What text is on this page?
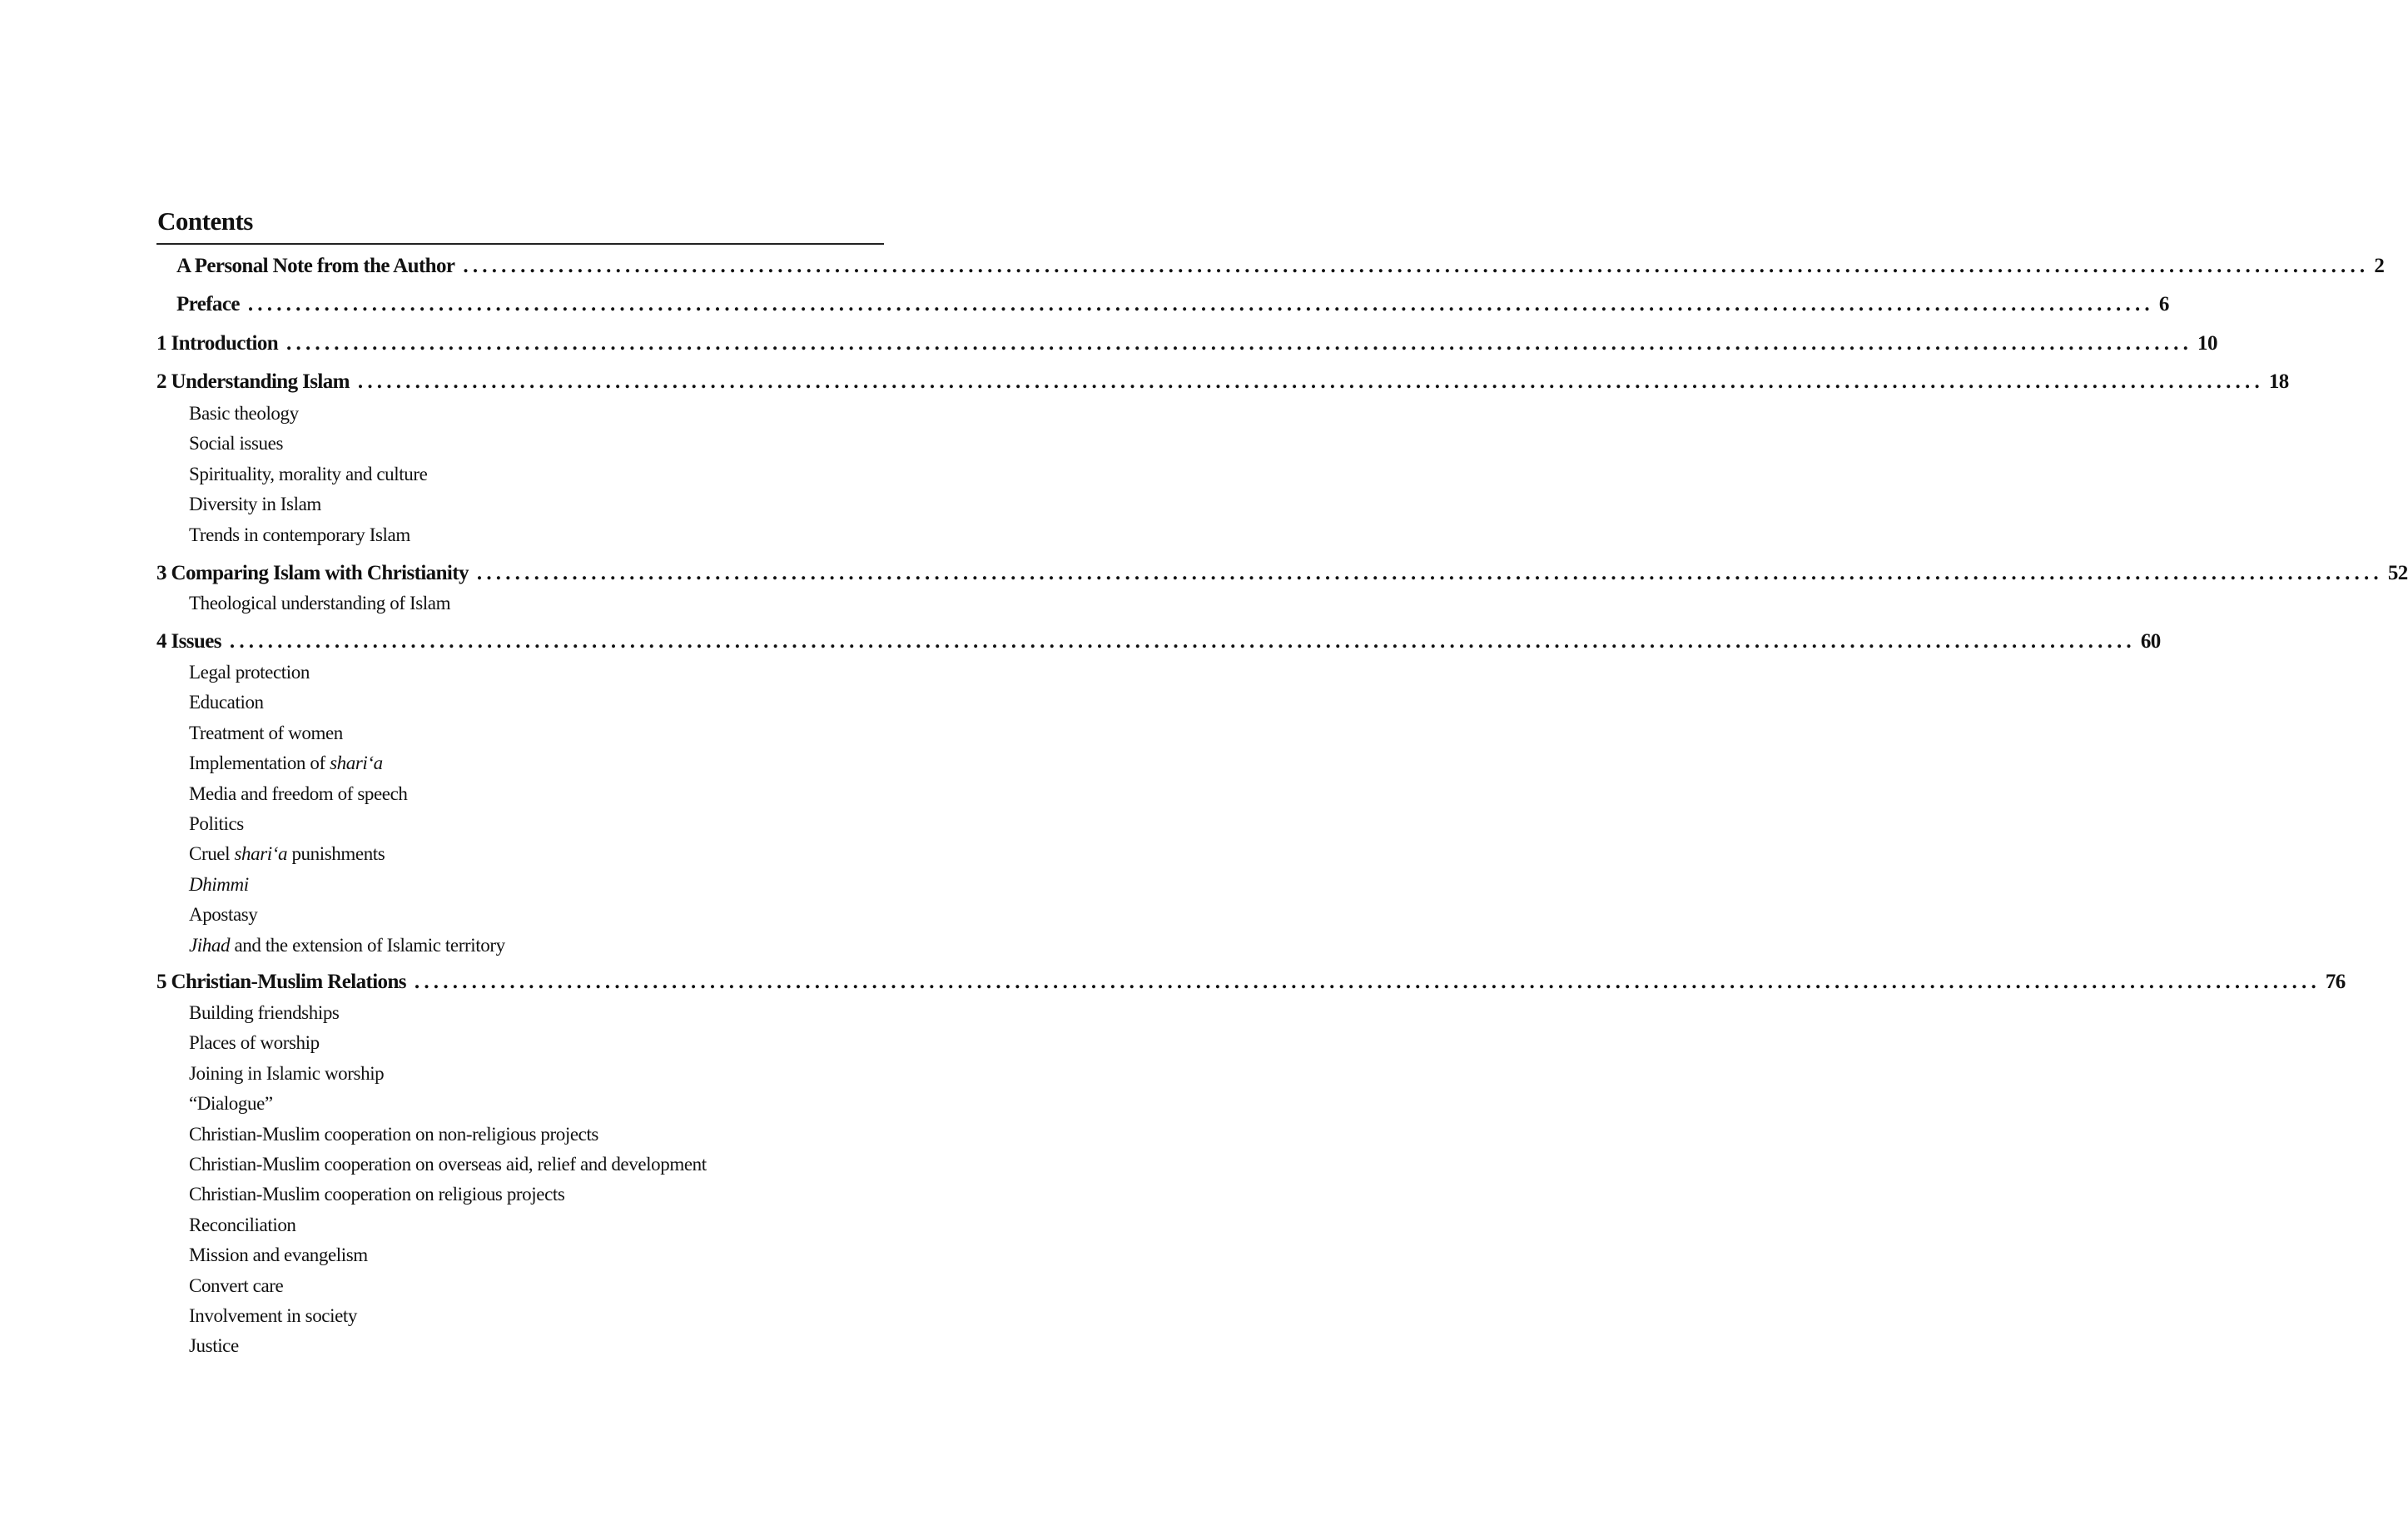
Contents
A Personal Note from the Author ........................................................................................................................................................................................................ 2
Preface ........................................................................................................................................................................................................ 6
1 Introduction ........................................................................................................................................................................................................ 10
2 Understanding Islam ........................................................................................................................................................................................................ 18
Basic theology
Social issues
Spirituality, morality and culture
Diversity in Islam
Trends in contemporary Islam
3 Comparing Islam with Christianity ........................................................................................................................................................................................................ 52
Theological understanding of Islam
4 Issues ........................................................................................................................................................................................................ 60
Legal protection
Education
Treatment of women
Implementation of shari‘a
Media and freedom of speech
Politics
Cruel shari‘a punishments
Dhimmi
Apostasy
Jihad and the extension of Islamic territory
5 Christian-Muslim Relations ........................................................................................................................................................................................................ 76
Building friendships
Places of worship
Joining in Islamic worship
“Dialogue”
Christian-Muslim cooperation on non-religious projects
Christian-Muslim cooperation on overseas aid, relief and development
Christian-Muslim cooperation on religious projects
Reconciliation
Mission and evangelism
Convert care
Involvement in society
Justice
